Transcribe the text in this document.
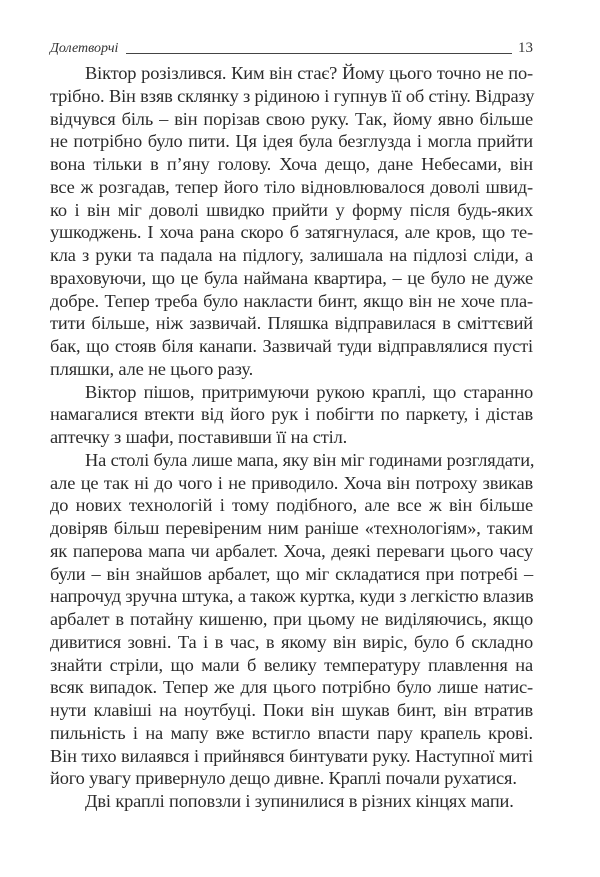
Долетворчі	13
Віктор розізлився. Ким він стає? Йому цього точно не по-
трібно. Він взяв склянку з рідиною і гупнув її об стіну. Відразу
відчувся біль – він порізав свою руку. Так, йому явно більше
не потрібно було пити. Ця ідея була безглузда і могла прийти
вона тільки в п’яну голову. Хоча дещо, дане Небесами, він
все ж розгадав, тепер його тіло відновлювалося доволі швид-
ко і він міг доволі швидко прийти у форму після будь-яких
ушкоджень. І хоча рана скоро б затягнулася, але кров, що те-
кла з руки та падала на підлогу, залишала на підлозі сліди, а
враховуючи, що це була наймана квартира, – це було не дуже
добре. Тепер треба було накласти бинт, якщо він не хоче пла-
тити більше, ніж зазвичай. Пляшка відправилася в сміттєвий
бак, що стояв біля канапи. Зазвичай туди відправлялися пусті
пляшки, але не цього разу.
Віктор пішов, притримуючи рукою краплі, що старанно
намагалися втекти від його рук і побігти по паркету, і дістав
аптечку з шафи, поставивши її на стіл.
На столі була лише мапа, яку він міг годинами розглядати,
але це так ні до чого і не приводило. Хоча він потроху звикав
до нових технологій і тому подібного, але все ж він більше
довіряв більш перевіреним ним раніше «технологіям», таким
як паперова мапа чи арбалет. Хоча, деякі переваги цього часу
були – він знайшов арбалет, що міг складатися при потребі –
напрочуд зручна штука, а також куртка, куди з легкістю влазив
арбалет в потайну кишеню, при цьому не виділяючись, якщо
дивитися зовні. Та і в час, в якому він виріс, було б складно
знайти стріли, що мали б велику температуру плавлення на
всяк випадок. Тепер же для цього потрібно було лише натис-
нути клавіші на ноутбуці. Поки він шукав бинт, він втратив
пильність і на мапу вже встигло впасти пару крапель крові.
Він тихо вилаявся і прийнявся бинтувати руку. Наступної миті
його увагу привернуло дещо дивне. Краплі почали рухатися.
Дві краплі поповзли і зупинилися в різних кінцях мапи.
